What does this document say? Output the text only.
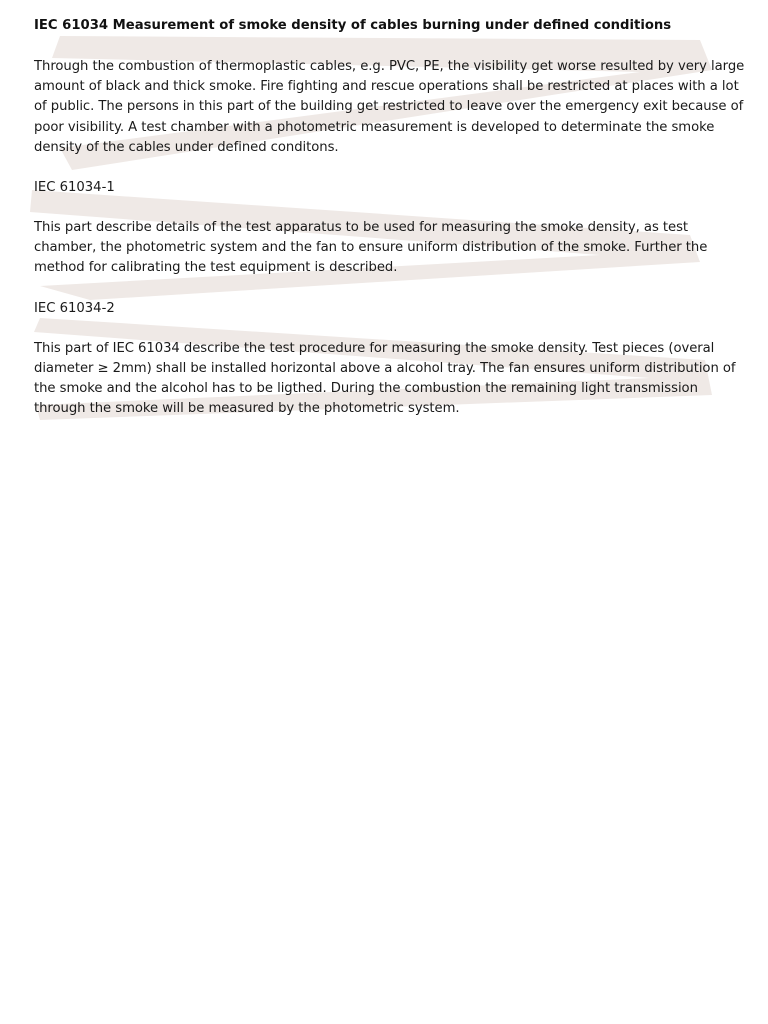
IEC 61034 Measurement of smoke density of cables burning under defined conditions

Through the combustion of thermoplastic cables, e.g. PVC, PE, the visibility get worse resulted by very large
amount of black and thick smoke. Fire fighting and rescue operations shall be restricted at places with a lot
of public. The persons in this part of the building get restricted to leave over the emergency exit because of
poor visibility. A test chamber with a photometric measurement is developed to determinate the smoke
density of the cables under defined conditons.

IEC 61034-1

This part describe details of the test apparatus to be used for measuring the smoke density, as test
chamber, the photometric system and the fan to ensure uniform distribution of the smoke. Further the
method for calibrating the test equipment is described.

IEC 61034-2

This part of IEC 61034 describe the test procedure for measuring the smoke density. Test pieces (overal
diameter ≥ 2mm) shall be installed horizontal above a alcohol tray. The fan ensures uniform distribution of
the smoke and the alcohol has to be ligthed. During the combustion the remaining light transmission
through the smoke will be measured by the photometric system.
